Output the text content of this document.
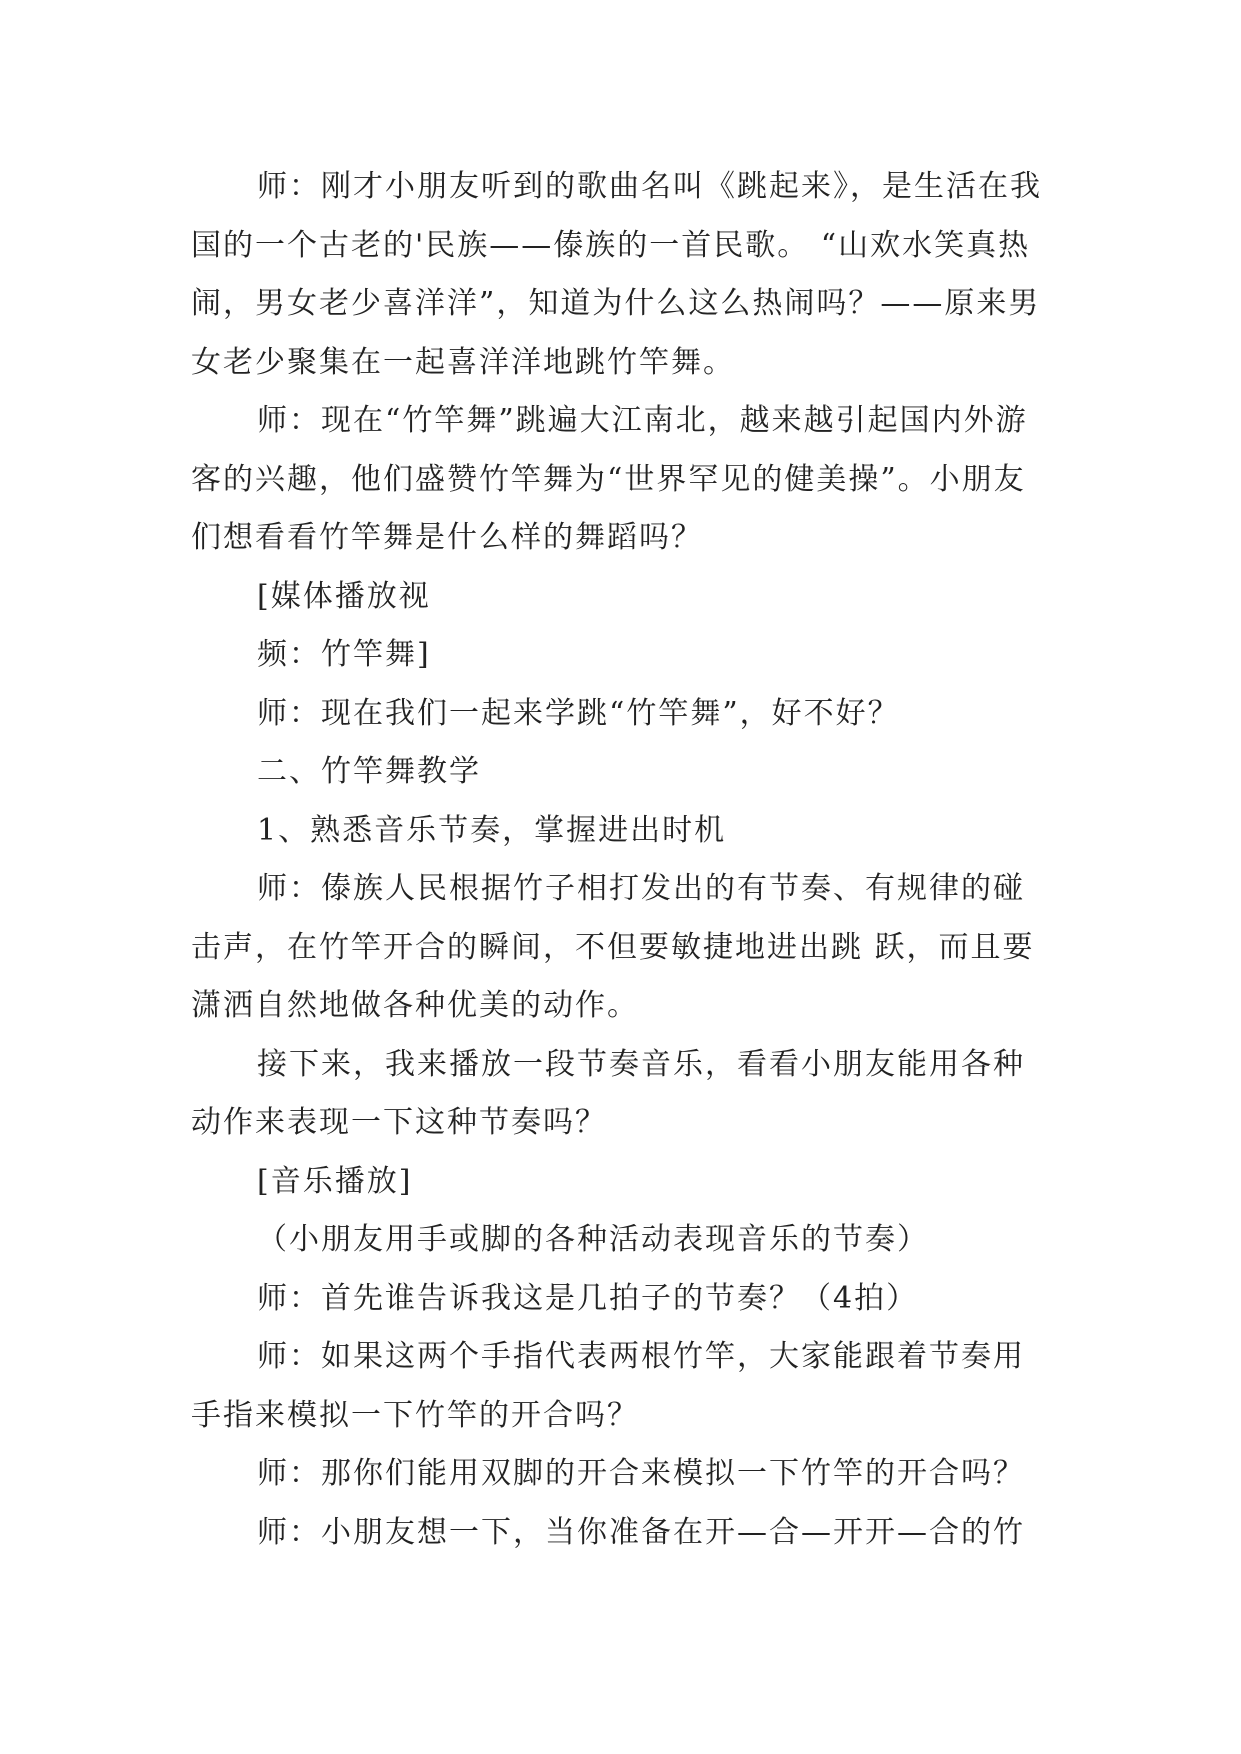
师：刚才小朋友听到的歌曲名叫《跳起来》，是生活在我国的一个古老的'民族——傣族的一首民歌。 “山欢水笑真热闹，男女老少喜洋洋”，知道为什么这么热闹吗？——原来男女老少聚集在一起喜洋洋地跳竹竿舞。

师：现在“竹竿舞”跳遍大江南北，越来越引起国内外游客的兴趣，他们盛赞竹竿舞为“世界罕见的健美操”。小朋友们想看看竹竿舞是什么样的舞蹈吗？

[媒体播放视

频：竹竿舞]

师：现在我们一起来学跳“竹竿舞”，好不好？

二、竹竿舞教学

1、熟悉音乐节奏，掌握进出时机

师：傣族人民根据竹子相打发出的有节奏、有规律的碰击声，在竹竿开合的瞬间，不但要敏捷地进出跳 跃，而且要潇洒自然地做各种优美的动作。

接下来，我来播放一段节奏音乐，看看小朋友能用各种动作来表现一下这种节奏吗？

[音乐播放]

（小朋友用手或脚的各种活动表现音乐的节奏）

师：首先谁告诉我这是几拍子的节奏？（4拍）

师：如果这两个手指代表两根竹竿，大家能跟着节奏用手指来模拟一下竹竿的开合吗？

师：那你们能用双脚的开合来模拟一下竹竿的开合吗？

师：小朋友想一下，当你准备在开—合—开开—合的竹
